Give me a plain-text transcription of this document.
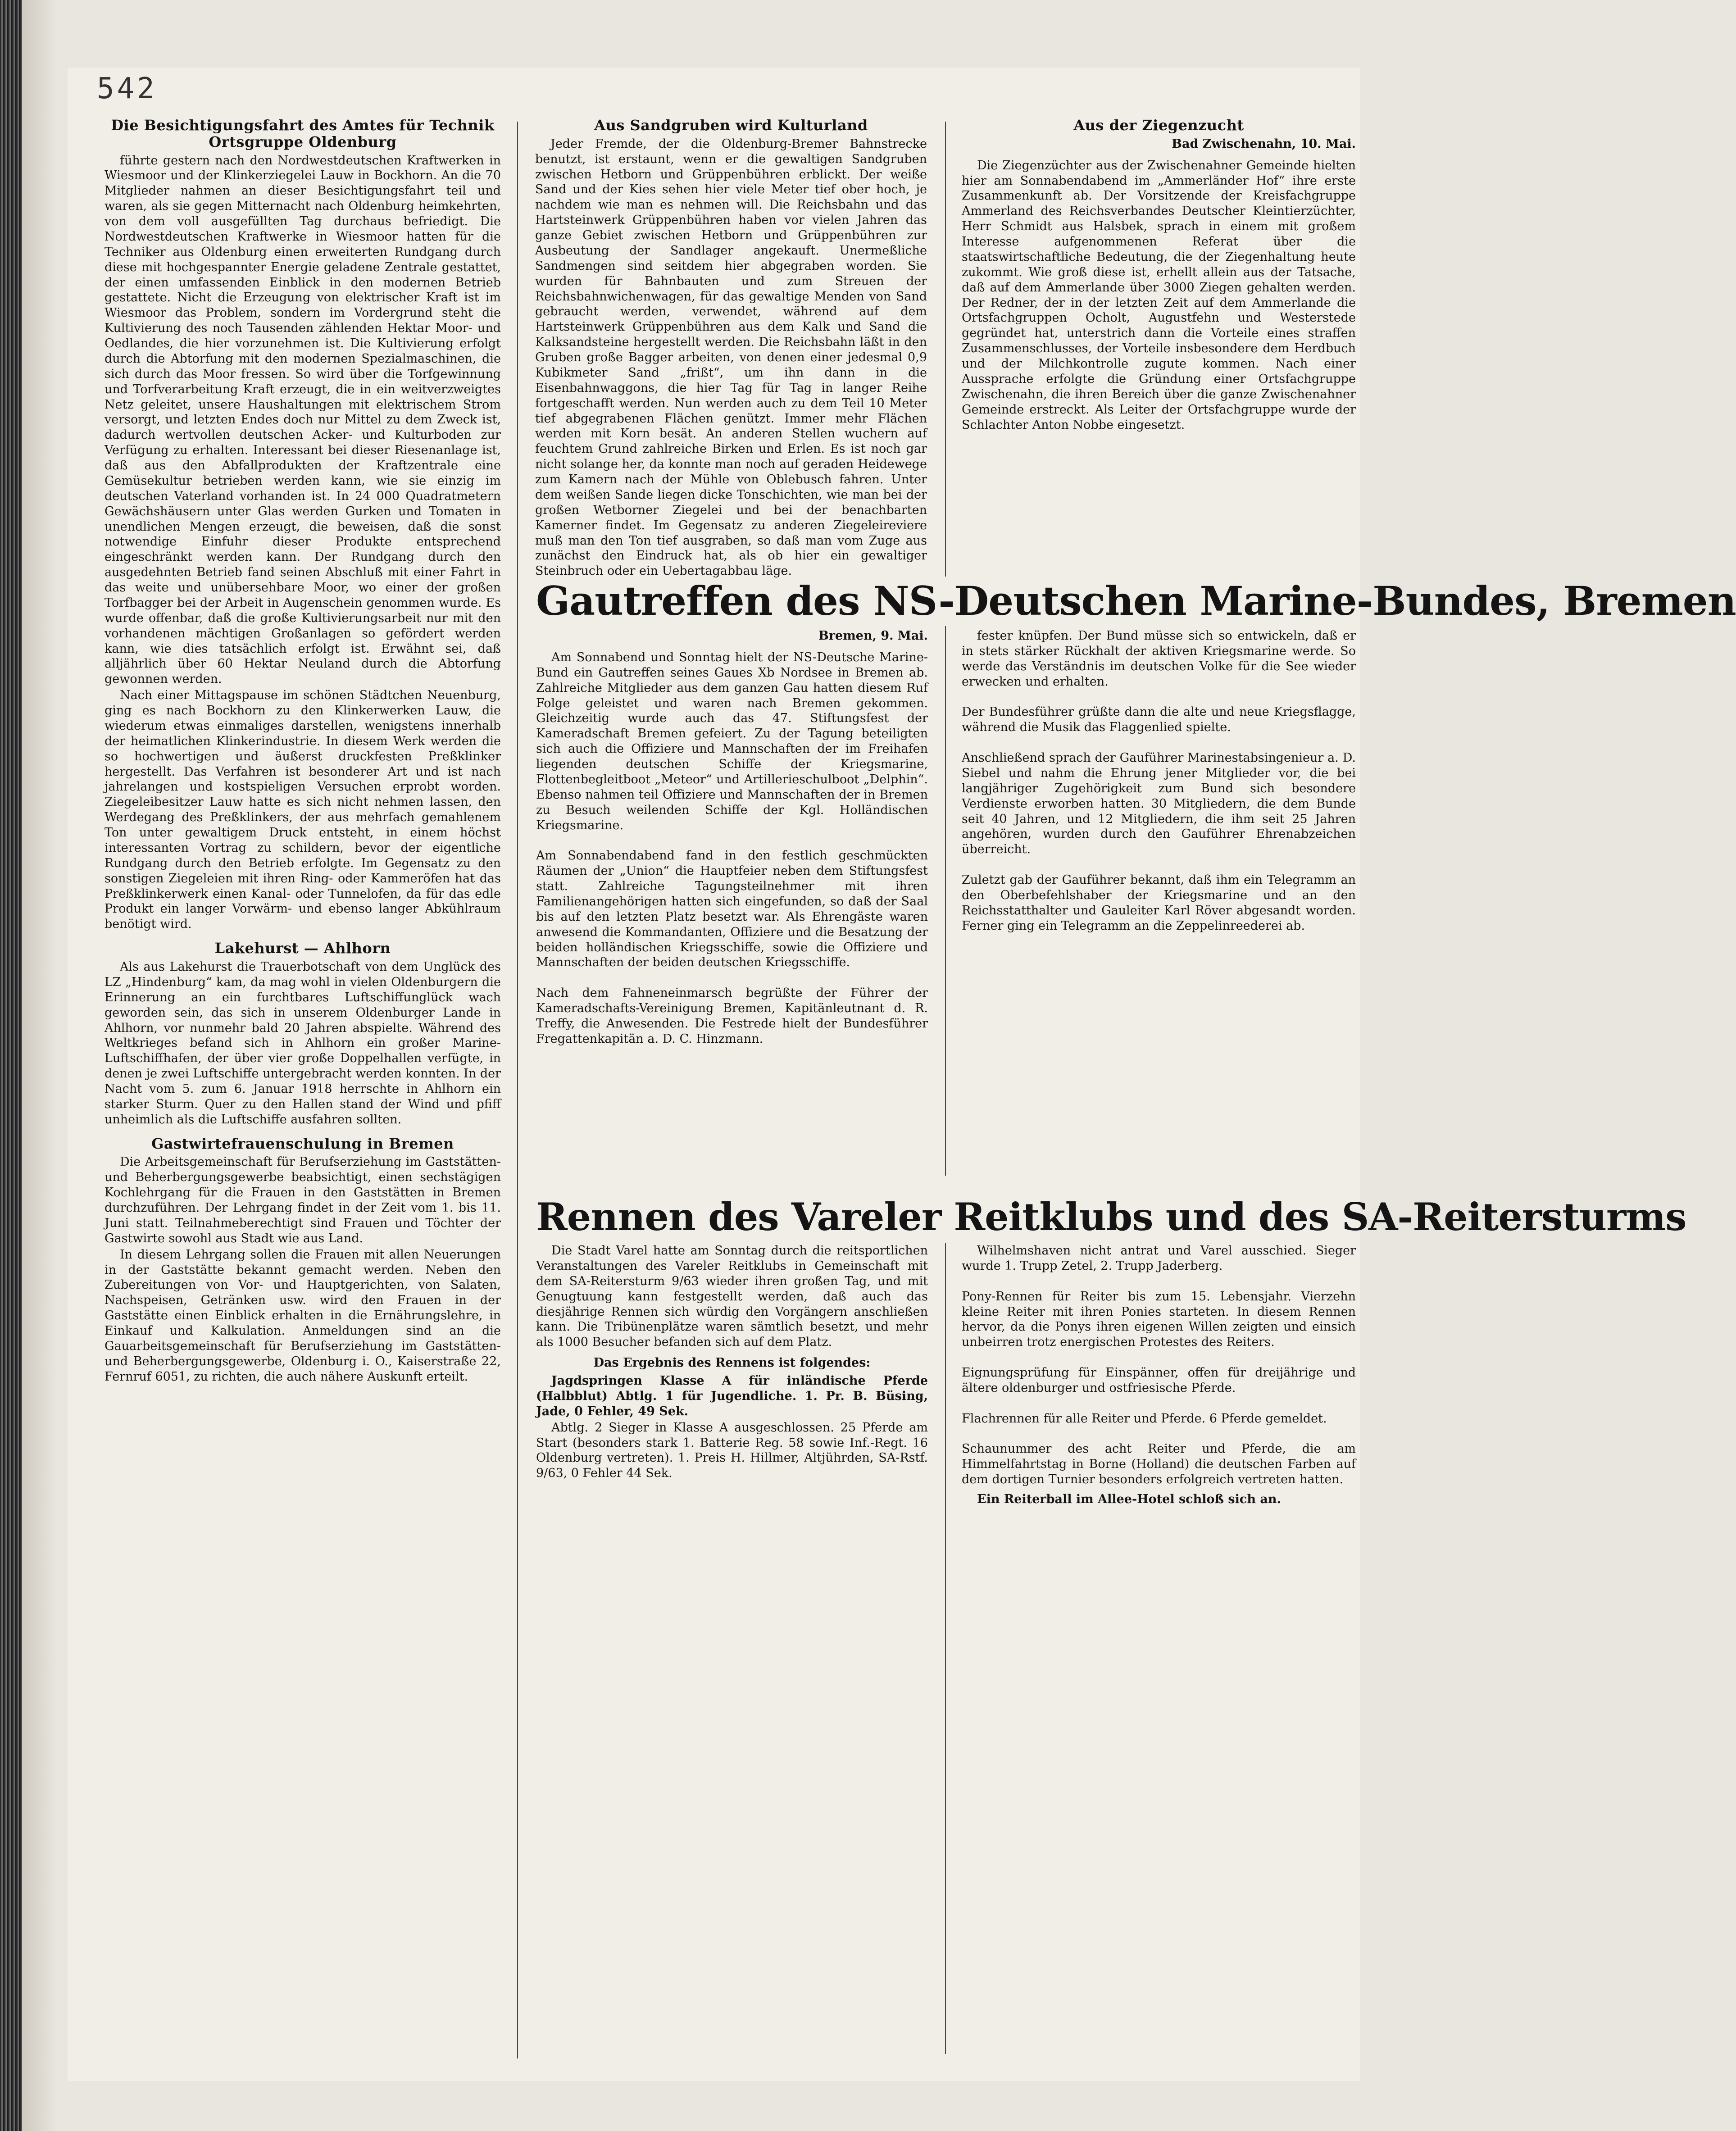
542
Die Besichtigungsfahrt des Amtes für Technik Ortsgruppe Oldenburg

führte gestern nach den Nordwestdeutschen Kraftwerken in Wiesmoor und der Klinkerziegelei Lauw in Bockhorn. An die 70 Mitglieder nahmen an dieser Besichtigungsfahrt teil und waren, als sie gegen Mitternacht nach Oldenburg heimkehrten, von dem voll ausgefüllten Tag durchaus befriedigt. Die Nordwestdeutschen Kraftwerke in Wiesmoor hatten für die Techniker aus Oldenburg einen erweiterten Rundgang durch diese mit hochgespannter Energie geladene Zentrale gestattet, der einen umfassenden Einblick in den modernen Betrieb gestattete. Nicht die Erzeugung von elektrischer Kraft ist im Wiesmoor das Problem, sondern im Vordergrund steht die Kultivierung des noch Tausenden zählenden Hektar Moor- und Oedlandes, die hier vorzunehmen ist. Die Kultivierung erfolgt durch die Abtorfung mit den modernen Spezialmaschinen, die sich durch das Moor fressen. So wird über die Torfgewinnung und Torfverarbeitung Kraft erzeugt, die in ein weitverzweigtes Netz geleitet, unsere Haushaltungen mit elektrischem Strom versorgt, und letzten Endes doch nur Mittel zu dem Zweck ist, dadurch wertvollen deutschen Acker- und Kulturboden zur Verfügung zu erhalten. Interessant bei dieser Riesenanlage ist, daß aus den Abfallprodukten der Kraftzentrale eine Gemüsekultur betrieben werden kann, wie sie einzig im deutschen Vaterland vorhanden ist. In 24 000 Quadratmetern Gewächshäusern unter Glas werden Gurken und Tomaten in unendlichen Mengen erzeugt, die beweisen, daß die sonst notwendige Einfuhr dieser Produkte entsprechend eingeschränkt werden kann. Der Rundgang durch den ausgedehnten Betrieb fand seinen Abschluß mit einer Fahrt in das weite und unübersehbare Moor, wo einer der großen Torfbagger bei der Arbeit in Augenschein genommen wurde. Es wurde offenbar, daß die große Kultivierungsarbeit nur mit den vorhandenen mächtigen Großanlagen so gefördert werden kann, wie dies tatsächlich erfolgt ist. Erwähnt sei, daß alljährlich über 60 Hektar Neuland durch die Abtorfung gewonnen werden.

Nach einer Mittagspause im schönen Städtchen Neuenburg, ging es nach Bockhorn zu den Klinkerwerken Lauw, die wiederum etwas einmaliges darstellen, wenigstens innerhalb der heimatlichen Klinkerindustrie. In diesem Werk werden die so hochwertigen und äußerst druckfesten Preßklinker hergestellt. Das Verfahren ist besonderer Art und ist nach jahrelangen und kostspieligen Versuchen erprobt worden. Ziegeleibesitzer Lauw hatte es sich nicht nehmen lassen, den Werdegang des Preßklinkers, der aus mehrfach gemahlenem Ton unter gewaltigem Druck entsteht, in einem höchst interessanten Vortrag zu schildern, bevor der eigentliche Rundgang durch den Betrieb erfolgte. Im Gegensatz zu den sonstigen Ziegeleien mit ihren Ring- oder Kammeröfen hat das Preßklinkerwerk einen Kanal- oder Tunnelofen, da für das edle Produkt ein langer Vorwärm- und ebenso langer Abkühlraum benötigt wird.

Lakehurst — Ahlhorn

Als aus Lakehurst die Trauerbotschaft von dem Unglück des LZ „Hindenburg“ kam, da mag wohl in vielen Oldenburgern die Erinnerung an ein furchtbares Luftschiffunglück wach geworden sein, das sich in unserem Oldenburger Lande in Ahlhorn, vor nunmehr bald 20 Jahren abspielte. Während des Weltkrieges befand sich in Ahlhorn ein großer Marine-Luftschiffhafen, der über vier große Doppelhallen verfügte, in denen je zwei Luftschiffe untergebracht werden konnten. In der Nacht vom 5. zum 6. Januar 1918 herrschte in Ahlhorn ein starker Sturm. Quer zu den Hallen stand der Wind und pfiff unheimlich als die Luftschiffe ausfahren sollten.

Gastwirtefrauenschulung in Bremen

Die Arbeitsgemeinschaft für Berufserziehung im Gaststätten- und Beherbergungsgewerbe beabsichtigt, einen sechstägigen Kochlehrgang für die Frauen in den Gaststätten in Bremen durchzuführen. Der Lehrgang findet in der Zeit vom 1. bis 11. Juni statt. Teilnahmeberechtigt sind Frauen und Töchter der Gastwirte sowohl aus Stadt wie aus Land.

In diesem Lehrgang sollen die Frauen mit allen Neuerungen in der Gaststätte bekannt gemacht werden. Neben den Zubereitungen von Vor- und Hauptgerichten, von Salaten, Nachspeisen, Getränken usw. wird den Frauen in der Gaststätte einen Einblick erhalten in die Ernährungslehre, in Einkauf und Kalkulation. Anmeldungen sind an die Gauarbeitsgemeinschaft für Berufserziehung im Gaststätten- und Beherbergungsgewerbe, Oldenburg i. O., Kaiserstraße 22, Fernruf 6051, zu richten, die auch nähere Auskunft erteilt.

Aus Sandgruben wird Kulturland

Jeder Fremde, der die Oldenburg-Bremer Bahnstrecke benutzt, ist erstaunt, wenn er die gewaltigen Sandgruben zwischen Hetborn und Grüppenbühren erblickt. Der weiße Sand und der Kies sehen hier viele Meter tief ober hoch, je nachdem wie man es nehmen will. Die Reichsbahn und das Hartsteinwerk Grüppenbühren haben vor vielen Jahren das ganze Gebiet zwischen Hetborn und Grüppenbühren zur Ausbeutung der Sandlager angekauft. Unermeßliche Sandmengen sind seitdem hier abgegraben worden. Sie wurden für Bahnbauten und zum Streuen der Reichsbahnwichenwagen, für das gewaltige Menden von Sand gebraucht werden, verwendet, während auf dem Hartsteinwerk Grüppenbühren aus dem Kalk und Sand die Kalksandsteine hergestellt werden. Die Reichsbahn läßt in den Gruben große Bagger arbeiten, von denen einer jedesmal 0,9 Kubikmeter Sand „frißt“, um ihn dann in die Eisenbahnwaggons, die hier Tag für Tag in langer Reihe fortgeschafft werden. Nun werden auch zu dem Teil 10 Meter tief abgegrabenen Flächen genützt. Immer mehr Flächen werden mit Korn besät. An anderen Stellen wuchern auf feuchtem Grund zahlreiche Birken und Erlen. Es ist noch gar nicht solange her, da konnte man noch auf geraden Heidewege zum Kamern nach der Mühle von Oblebusch fahren. Unter dem weißen Sande liegen dicke Tonschichten, wie man bei der großen Wetborner Ziegelei und bei der benachbarten Kamerner findet. Im Gegensatz zu anderen Ziegeleireviere muß man den Ton tief ausgraben, so daß man vom Zuge aus zunächst den Eindruck hat, als ob hier ein gewaltiger Steinbruch oder ein Uebertagabbau läge.

Aus der Ziegenzucht
Bad Zwischenahn, 10. Mai.

Die Ziegenzüchter aus der Zwischenahner Gemeinde hielten hier am Sonnabendabend im „Ammerländer Hof“ ihre erste Zusammenkunft ab. Der Vorsitzende der Kreisfachgruppe Ammerland des Reichsverbandes Deutscher Kleintierzüchter, Herr Schmidt aus Halsbek, sprach in einem mit großem Interesse aufgenommenen Referat über die staatswirtschaftliche Bedeutung, die der Ziegenhaltung heute zukommt. Wie groß diese ist, erhellt allein aus der Tatsache, daß auf dem Ammerlande über 3000 Ziegen gehalten werden. Der Redner, der in der letzten Zeit auf dem Ammerlande die Ortsfachgruppen Ocholt, Augustfehn und Westerstede gegründet hat, unterstrich dann die Vorteile eines straffen Zusammenschlusses, der Vorteile insbesondere dem Herdbuch und der Milchkontrolle zugute kommen. Nach einer Aussprache erfolgte die Gründung einer Ortsfachgruppe Zwischenahn, die ihren Bereich über die ganze Zwischenahner Gemeinde erstreckt. Als Leiter der Ortsfachgruppe wurde der Schlachter Anton Nobbe eingesetzt.

Gautreffen des NS-Deutschen Marine-Bundes, Bremen
Bremen, 9. Mai.

Am Sonnabend und Sonntag hielt der NS-Deutsche Marine-Bund ein Gautreffen seines Gaues Xb Nordsee in Bremen ab. Zahlreiche Mitglieder aus dem ganzen Gau hatten diesem Ruf Folge geleistet und waren nach Bremen gekommen. Gleichzeitig wurde auch das 47. Stiftungsfest der Kameradschaft Bremen gefeiert. Zu der Tagung beteiligten sich auch die Offiziere und Mannschaften der im Freihafen liegenden deutschen Schiffe der Kriegsmarine, Flottenbegleitboot „Meteor“ und Artillerieschulboot „Delphin“. Ebenso nahmen teil Offiziere und Mannschaften der in Bremen zu Besuch weilenden Schiffe der Kgl. Holländischen Kriegsmarine.

Am Sonnabendabend fand in den festlich geschmückten Räumen der „Union“ die Hauptfeier neben dem Stiftungsfest statt. Zahlreiche Tagungsteilnehmer mit ihren Familienangehörigen hatten sich eingefunden, so daß der Saal bis auf den letzten Platz besetzt war. Als Ehrengäste waren anwesend die Kommandanten, Offiziere und die Besatzung der beiden holländischen Kriegsschiffe, sowie die Offiziere und Mannschaften der beiden deutschen Kriegsschiffe.

Nach dem Fahneneinmarsch begrüßte der Führer der Kameradschafts-Vereinigung Bremen, Kapitänleutnant d. R. Treffy, die Anwesenden. Die Festrede hielt der Bundesführer Fregattenkapitän a. D. C. Hinzmann.

fester knüpfen. Der Bund müsse sich so entwickeln, daß er in stets stärker Rückhalt der aktiven Kriegsmarine werde. So werde das Verständnis im deutschen Volke für die See wieder erwecken und erhalten.

Der Bundesführer grüßte dann die alte und neue Kriegsflagge, während die Musik das Flaggenlied spielte.

Anschließend sprach der Gauführer Marinestabsingenieur a. D. Siebel und nahm die Ehrung jener Mitglieder vor, die bei langjähriger Zugehörigkeit zum Bund sich besondere Verdienste erworben hatten. 30 Mitgliedern, die dem Bunde seit 40 Jahren, und 12 Mitgliedern, die ihm seit 25 Jahren angehören, wurden durch den Gauführer Ehrenabzeichen überreicht.

Zuletzt gab der Gauführer bekannt, daß ihm ein Telegramm an den Oberbefehlshaber der Kriegsmarine und an den Reichsstatthalter und Gauleiter Karl Röver abgesandt worden. Ferner ging ein Telegramm an die Zeppelinreederei ab.

Rennen des Vareler Reitklubs und des SA-Reitersturms

Die Stadt Varel hatte am Sonntag durch die reitsportlichen Veranstaltungen des Vareler Reitklubs in Gemeinschaft mit dem SA-Reitersturm 9/63 wieder ihren großen Tag, und mit Genugtuung kann festgestellt werden, daß auch das diesjährige Rennen sich würdig den Vorgängern anschließen kann. Die Tribünenplätze waren sämtlich besetzt, und mehr als 1000 Besucher befanden sich auf dem Platz.

Das Ergebnis des Rennens ist folgendes:

Jagdspringen Klasse A für inländische Pferde (Halbblut) Abtlg. 1 für Jugendliche. 1. Pr. B. Büsing, Jade, 0 Fehler, 49 Sek.

Abtlg. 2 Sieger in Klasse A ausgeschlossen. 25 Pferde am Start (besonders stark 1. Batterie Reg. 58 sowie Inf.-Regt. 16 Oldenburg vertreten). 1. Preis H. Hillmer, Altjührden, SA-Rstf. 9/63, 0 Fehler 44 Sek.

Wilhelmshaven nicht antrat und Varel ausschied. Sieger wurde 1. Trupp Zetel, 2. Trupp Jaderberg.

Pony-Rennen für Reiter bis zum 15. Lebensjahr. Vierzehn kleine Reiter mit ihren Ponies starteten. In diesem Rennen hervor, da die Ponys ihren eigenen Willen zeigten und einsich unbeirren trotz energischen Protestes des Reiters.

Eignungsprüfung für Einspänner, offen für dreijährige und ältere oldenburger und ostfriesische Pferde.

Flachrennen für alle Reiter und Pferde. 6 Pferde gemeldet.

Schaunummer des acht Reiter und Pferde, die am Himmelfahrtstag in Borne (Holland) die deutschen Farben auf dem dortigen Turnier besonders erfolgreich vertreten hatten.

Ein Reiterball im Allee-Hotel schloß sich an.
